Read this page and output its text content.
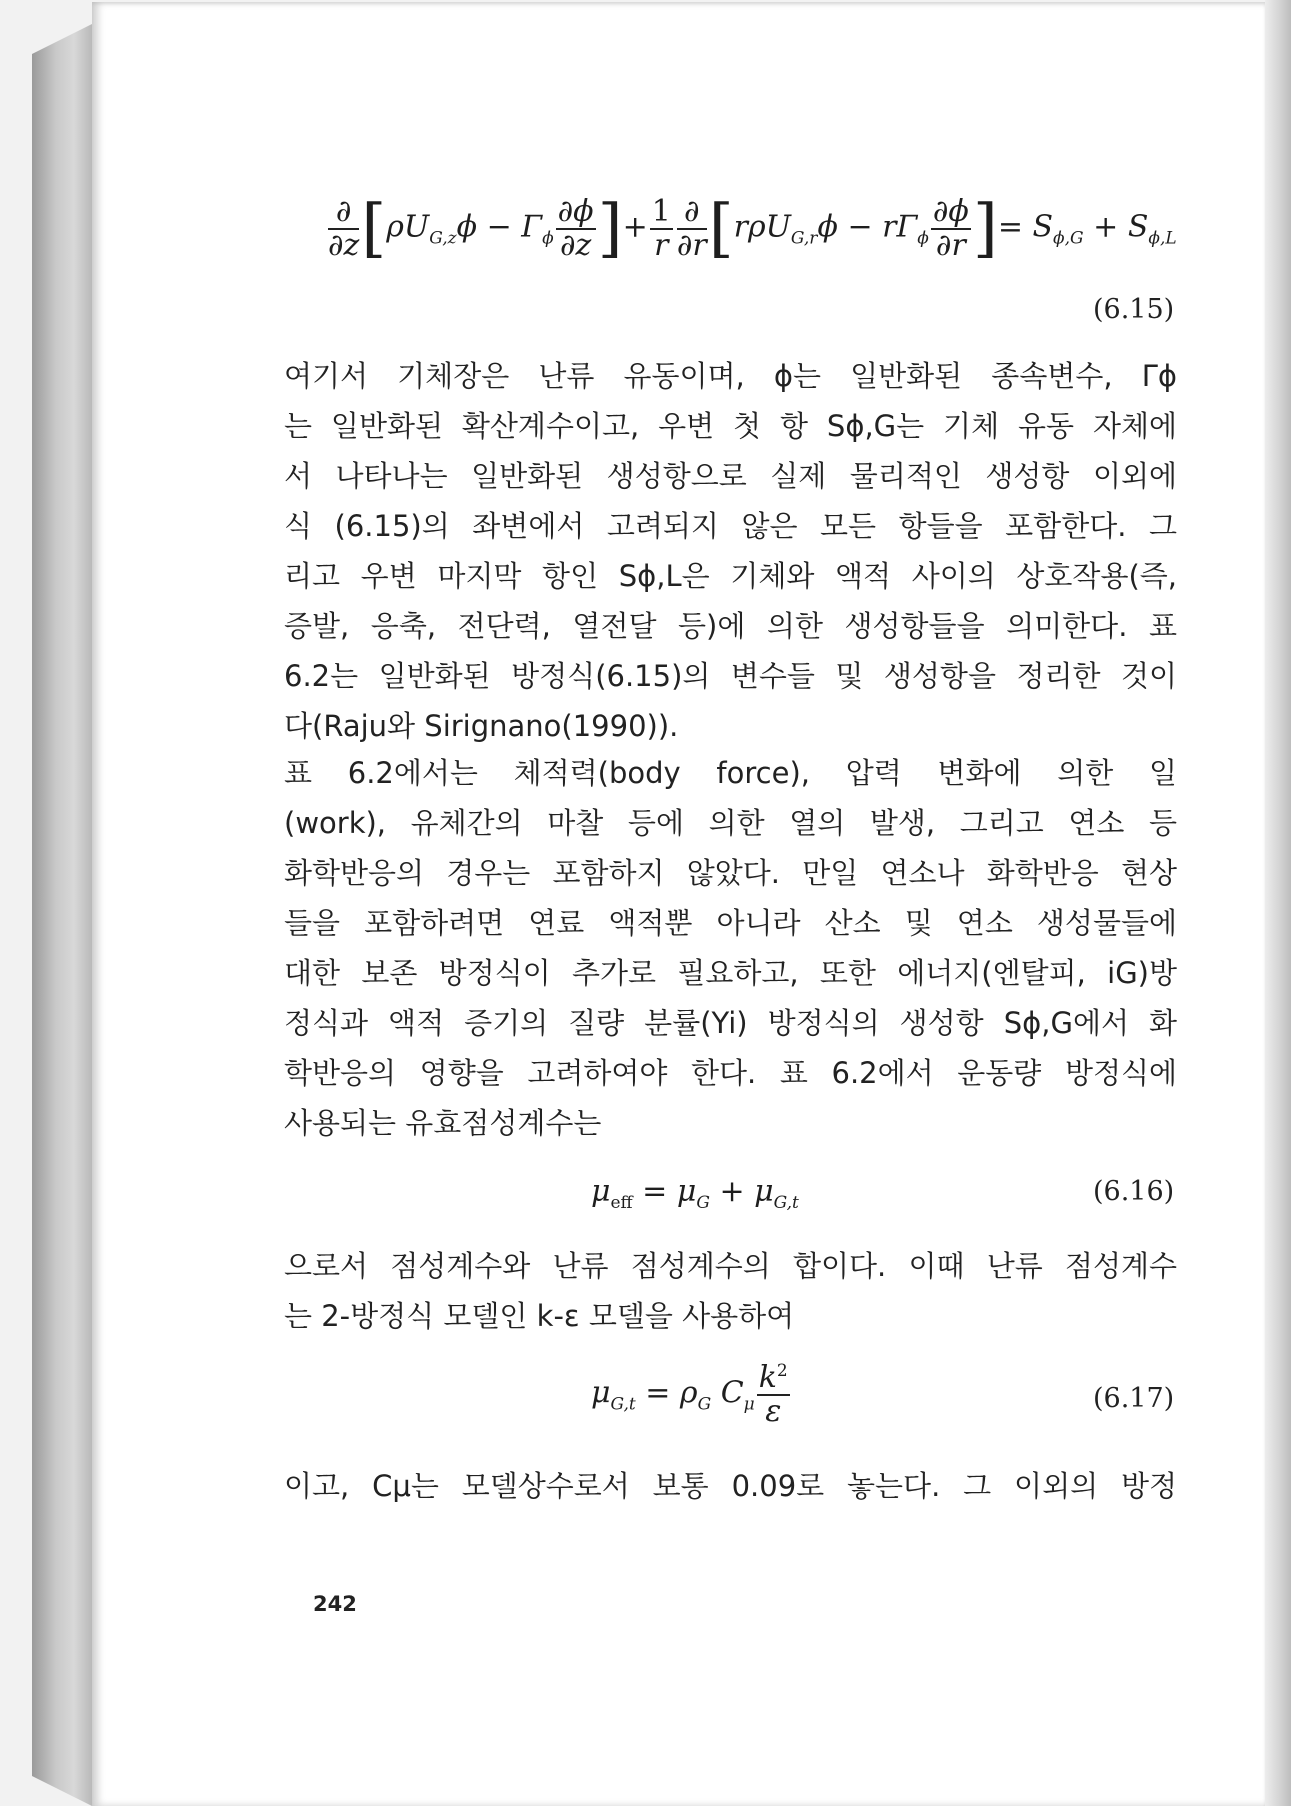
$\frac{\partial}{\partial z} [\rho U_{G,z}\phi - \Gamma_\phi \frac{\partial\phi}{\partial z}$ ]+ $\frac{1}{r} \frac{\partial}{\partial r} [r\rho U_{G,r}\phi - r\Gamma_\phi \frac{\partial\phi}{\partial r}$ ]= $S_{\phi,G} + S_{\phi,L}$
(6.15)
여기서 기체장은 난류 유동이며, ϕ는 일반화된 종속변수, Γϕ
는 일반화된 확산계수이고, 우변 첫 항 Sϕ,G는 기체 유동 자체에
서 나타나는 일반화된 생성항으로 실제 물리적인 생성항 이외에
식 (6.15)의 좌변에서 고려되지 않은 모든 항들을 포함한다. 그
리고 우변 마지막 항인 Sϕ,L은 기체와 액적 사이의 상호작용(즉,
증발, 응축, 전단력, 열전달 등)에 의한 생성항들을 의미한다. 표
6.2는 일반화된 방정식(6.15)의 변수들 및 생성항을 정리한 것이
다(Raju와 Sirignano(1990)).
표 6.2에서는 체적력(body force), 압력 변화에 의한 일
(work), 유체간의 마찰 등에 의한 열의 발생, 그리고 연소 등
화학반응의 경우는 포함하지 않았다. 만일 연소나 화학반응 현상
들을 포함하려면 연료 액적뿐 아니라 산소 및 연소 생성물들에
대한 보존 방정식이 추가로 필요하고, 또한 에너지(엔탈피, iG)방
정식과 액적 증기의 질량 분률(Yi) 방정식의 생성항 Sϕ,G에서 화
학반응의 영향을 고려하여야 한다. 표 6.2에서 운동량 방정식에
사용되는 유효점성계수는
$\mu_{eff} = \mu_G + \mu_{G,t}$	(6.16)
으로서 점성계수와 난류 점성계수의 합이다. 이때 난류 점성계수
는 2-방정식 모델인 k-ε 모델을 사용하여
$\mu_{G,t} = \rho_G$ $C_\mu \frac{k^2}{\varepsilon}$	(6.17)
이고, Cμ는 모델상수로서 보통 0.09로 놓는다. 그 이외의 방정
242
